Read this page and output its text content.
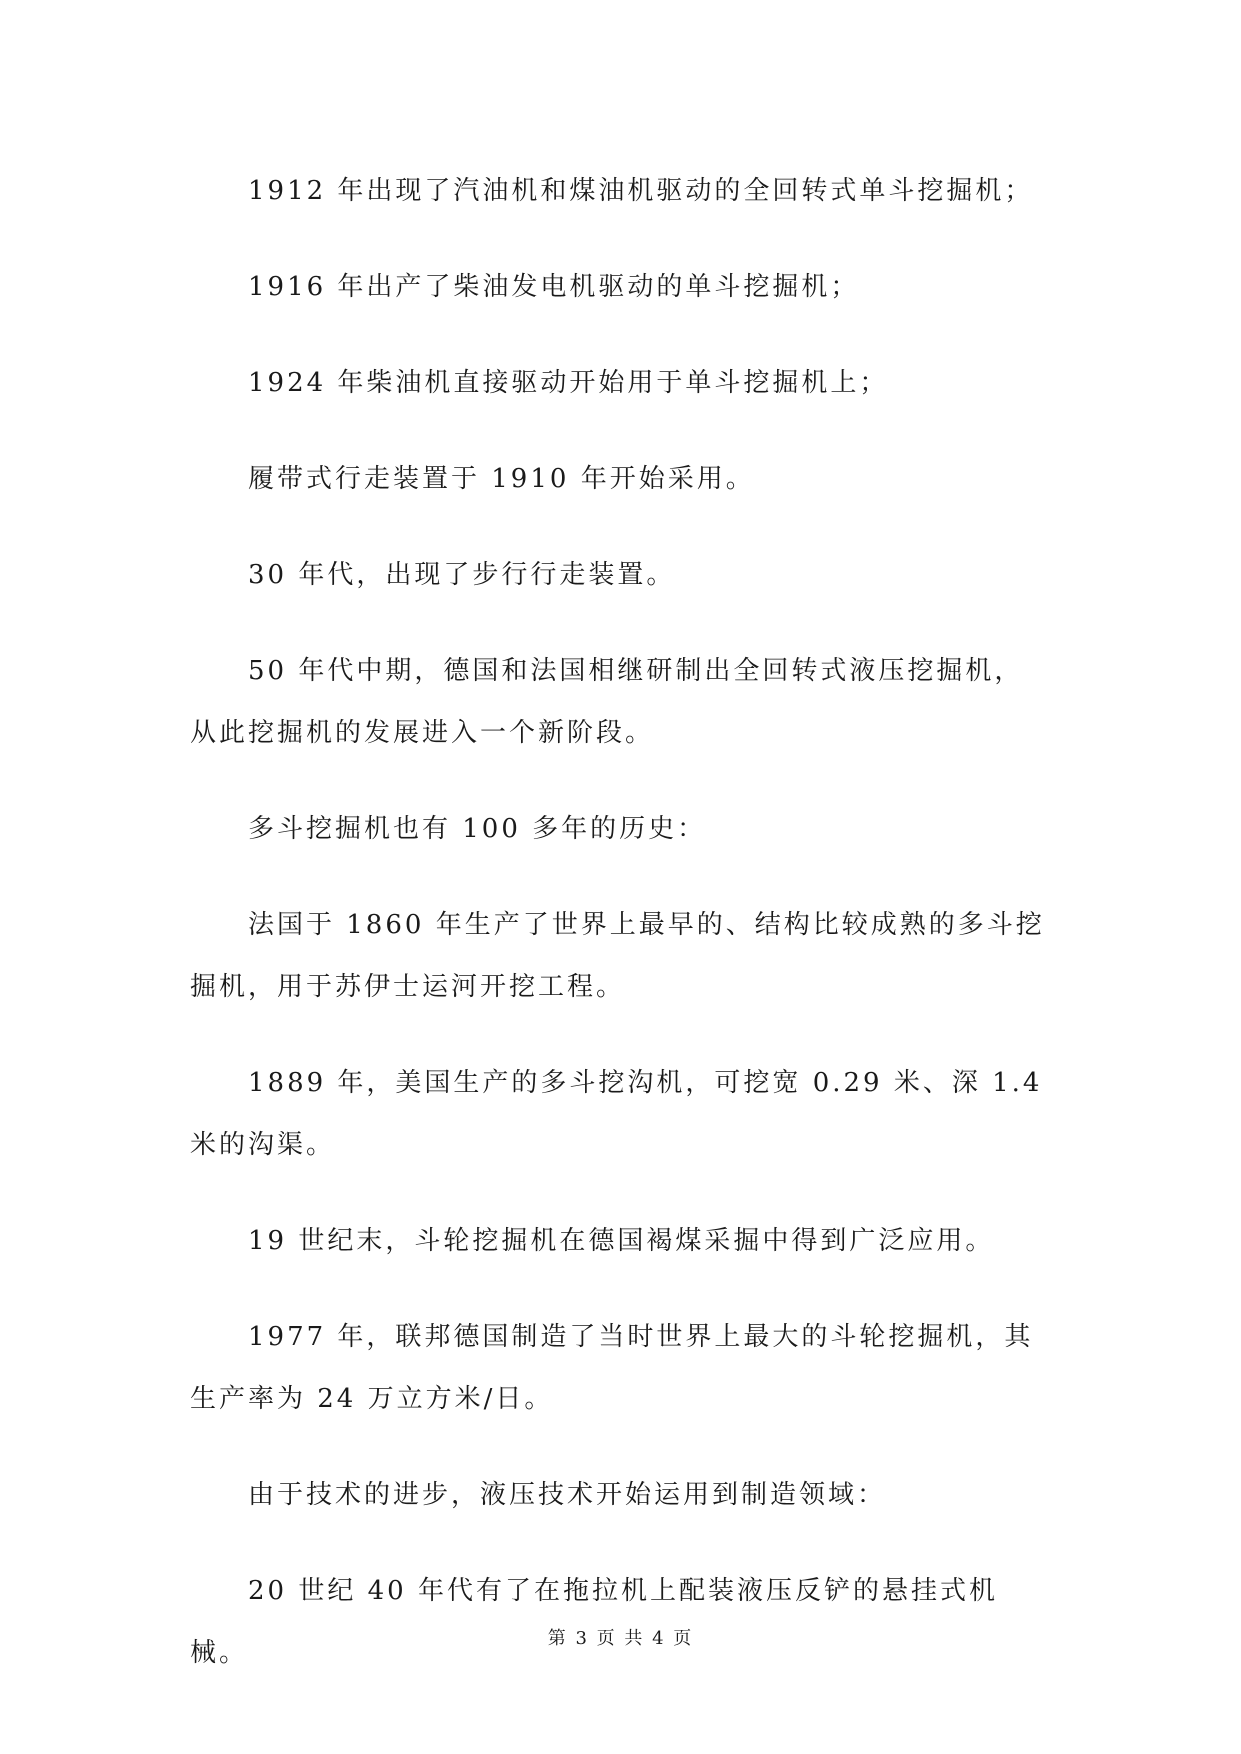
1912 年出现了汽油机和煤油机驱动的全回转式单斗挖掘机；

1916 年出产了柴油发电机驱动的单斗挖掘机；

1924 年柴油机直接驱动开始用于单斗挖掘机上；

履带式行走装置于 1910 年开始采用。

30 年代，出现了步行行走装置。

50 年代中期，德国和法国相继研制出全回转式液压挖掘机，从此挖掘机的发展进入一个新阶段。

多斗挖掘机也有 100 多年的历史：

法国于 1860 年生产了世界上最早的、结构比较成熟的多斗挖掘机，用于苏伊士运河开挖工程。

1889 年，美国生产的多斗挖沟机，可挖宽 0.29 米、深 1.4 米的沟渠。

19 世纪末，斗轮挖掘机在德国褐煤采掘中得到广泛应用。

1977 年，联邦德国制造了当时世界上最大的斗轮挖掘机，其生产率为 24 万立方米/日。

由于技术的进步，液压技术开始运用到制造领域：

20 世纪 40 年代有了在拖拉机上配装液压反铲的悬挂式机械。	第 3 页 共 4 页
